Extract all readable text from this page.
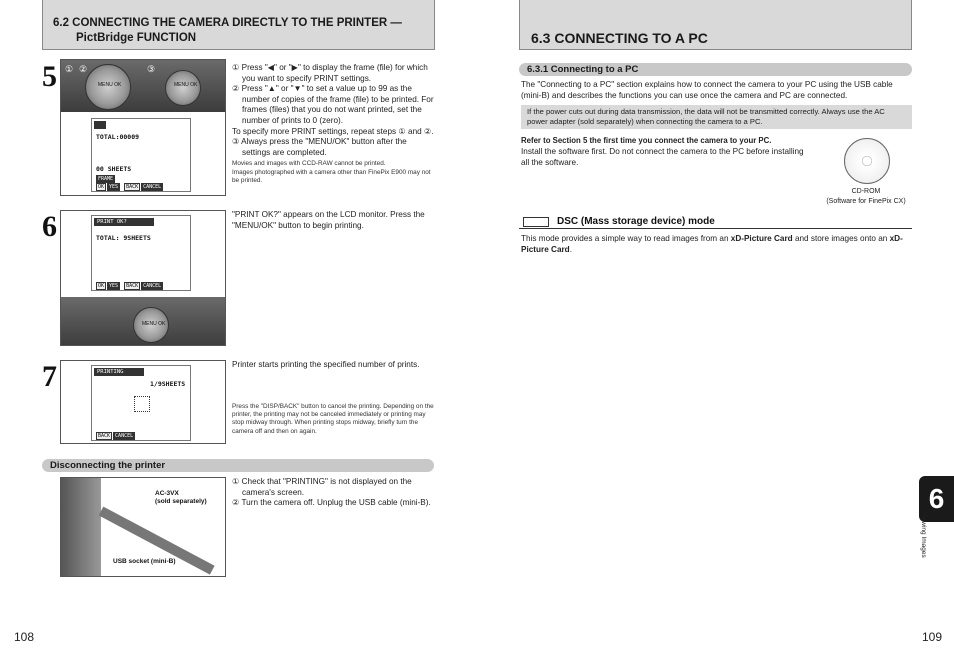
6.2 CONNECTING THE CAMERA DIRECTLY TO THE PRINTER —
PictBridge FUNCTION
5	MENU OK
① ②	③
MENU OK
TOTAL:00009
00 SHEETS
FRAME
OK YES BACK CANCEL

① Press "◀" or "▶" to display the frame (file) for which you want to specify PRINT settings.

② Press "▲" or "▼" to set a value up to 99 as the number of copies of the frame (file) to be printed. For frames (files) that you do not want printed, set the number of prints to 0 (zero).

To specify more PRINT settings, repeat steps ① and ②.

③ Always press the "MENU/OK" button after the settings are completed.

Movies and images with CCD-RAW cannot be printed.

Images photographed with a camera other than FinePix E900 may not be printed.

6	PRINT OK?
TOTAL: 9SHEETS
OK YES BACK CANCEL
MENU OK
"PRINT OK?" appears on the LCD monitor. Press the "MENU/OK" button to begin printing.
7	PRINTING
1/9SHEETS
BACK CANCEL
Printer starts printing the specified number of prints.
Press the "DISP/BACK" button to cancel the printing. Depending on the printer, the printing may not be canceled immediately or printing may stop midway through. When printing stops midway, briefly turn the camera off and then on again.
Disconnecting the printer
AC-3VX
(sold separately)
USB socket (mini-B)

① Check that "PRINTING" is not displayed on the camera's screen.

② Turn the camera off. Unplug the USB cable (mini-B).

108
6.3 CONNECTING TO A PC
6.3.1 Connecting to a PC
The "Connecting to a PC" section explains how to connect the camera to your PC using the USB cable (mini-B) and describes the functions you can use once the camera and PC are connected.
If the power cuts out during data transmission, the data will not be transmitted correctly. Always use the AC power adapter (sold separately) when connecting the camera to a PC.
Refer to Section 5 the first time you connect the camera to your PC.
Install the software first. Do not connect the camera to the PC before installing all the software.
CD-ROM
(Software for FinePix CX)
DSC (Mass storage device) mode
This mode provides a simple way to read images from an xD-Picture Card and store images onto an xD-Picture Card.
6
Viewing Images
109
